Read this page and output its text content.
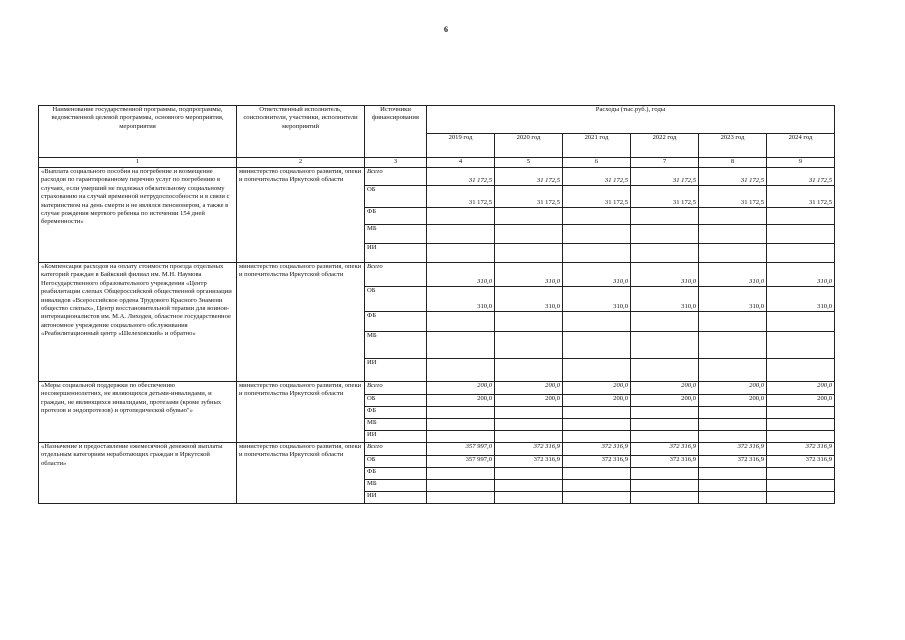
6
Наименование государственной программы, подпрограммы, ведомственной целевой программы, основного мероприятия, мероприятия	Ответственный исполнитель, соисполнители, участники, исполнители мероприятий	Источники финансирования	Расходы (тыс.руб.), годы					
			2019 год	2020 год	2021 год	2022 год	2023 год	2024 год
1	2	3	4	5	6	7	8	9
«Выплата социального пособия на погребение и возмещение расходов по гарантированному перечню услуг по погребению в случаях, если умерший не подлежал обязательному социальному страхованию на случай временной нетрудоспособности и в связи с материнством на день смерти и не являлся пенсионером, а также в случае рождения мертвого ребенка по истечении 154 дней беременности»	министерство социального развития, опеки и попечительства Иркутской области	Всего	31 172,5	31 172,5	31 172,5	31 172,5	31 172,5	31 172,5
		ОБ	31 172,5	31 172,5	31 172,5	31 172,5	31 172,5	31 172,5
		ФБ						
		МБ						
		ИИ						
«Компенсация расходов на оплату стоимости проезда отдельных категорий граждан в Байкский филиал им. М.Н. Наумова Негосударственного образовательного учреждения «Центр реабилитации слепых Общероссийской общественной организации инвалидов «Всероссийское ордена Трудового Красного Знамени общество слепых», Центр восстановительной терапии для воинов-интернационалистов им. М.А. Лиходея, областное государственное автономное учреждение социального обслуживания «Реабилитационный центр «Шелеховский» и обратно»	министерство социального развития, опеки и попечительства Иркутской области	Всего	310,0	310,0	310,0	310,0	310,0	310,0
		ОБ	310,0	310,0	310,0	310,0	310,0	310,0
		ФБ						
		МБ						
		ИИ						
«Меры социальной поддержки по обеспечению несовершеннолетних, не являющихся детьми-инвалидами, и граждан, не являющихся инвалидами, протезами (кроме зубных протезов и эндопротезов) и ортопедической обувью"»	министерство социального развития, опеки и попечительства Иркутской области	Всего	200,0	200,0	200,0	200,0	200,0	200,0
		ОБ	200,0	200,0	200,0	200,0	200,0	200,0
		ФБ						
		МБ						
		ИИ						
«Назначение и предоставление ежемесячной денежной выплаты отдельным категориям неработающих граждан в Иркутской области»	министерство социального развития, опеки и попечительства Иркутской области	Всего	357 997,0	372 316,9	372 316,9	372 316,9	372 316,9	372 316,9
		ОБ	357 997,0	372 316,9	372 316,9	372 316,9	372 316,9	372 316,9
		ФБ						
		МБ						
		ИИ						
